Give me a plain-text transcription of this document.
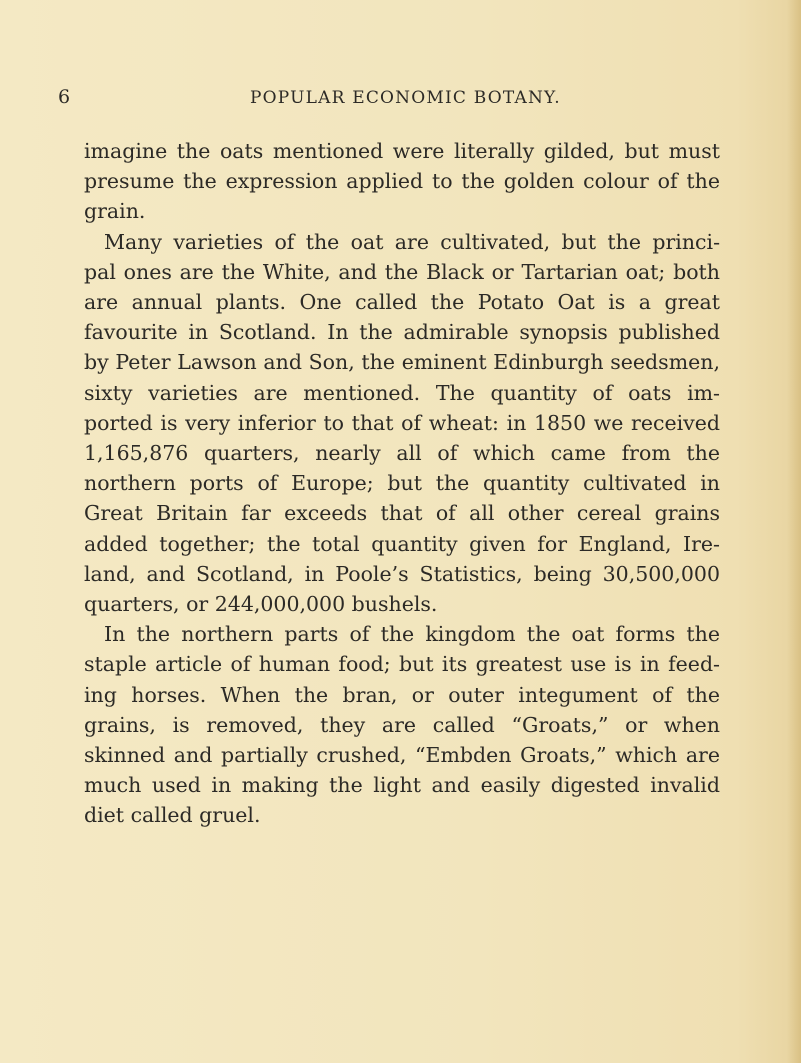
6	POPULAR ECONOMIC BOTANY.
imagine the oats mentioned were literally gilded, but must
presume the expression applied to the golden colour of the
grain.
Many varieties of the oat are cultivated, but the princi-
pal ones are the White, and the Black or Tartarian oat; both
are annual plants. One called the Potato Oat is a great
favourite in Scotland. In the admirable synopsis published
by Peter Lawson and Son, the eminent Edinburgh seedsmen,
sixty varieties are mentioned. The quantity of oats im-
ported is very inferior to that of wheat: in 1850 we received
1,165,876 quarters, nearly all of which came from the
northern ports of Europe; but the quantity cultivated in
Great Britain far exceeds that of all other cereal grains
added together; the total quantity given for England, Ire-
land, and Scotland, in Poole’s Statistics, being 30,500,000
quarters, or 244,000,000 bushels.
In the northern parts of the kingdom the oat forms the
staple article of human food; but its greatest use is in feed-
ing horses. When the bran, or outer integument of the
grains, is removed, they are called “Groats,” or when
skinned and partially crushed, “Embden Groats,” which are
much used in making the light and easily digested invalid
diet called gruel.
